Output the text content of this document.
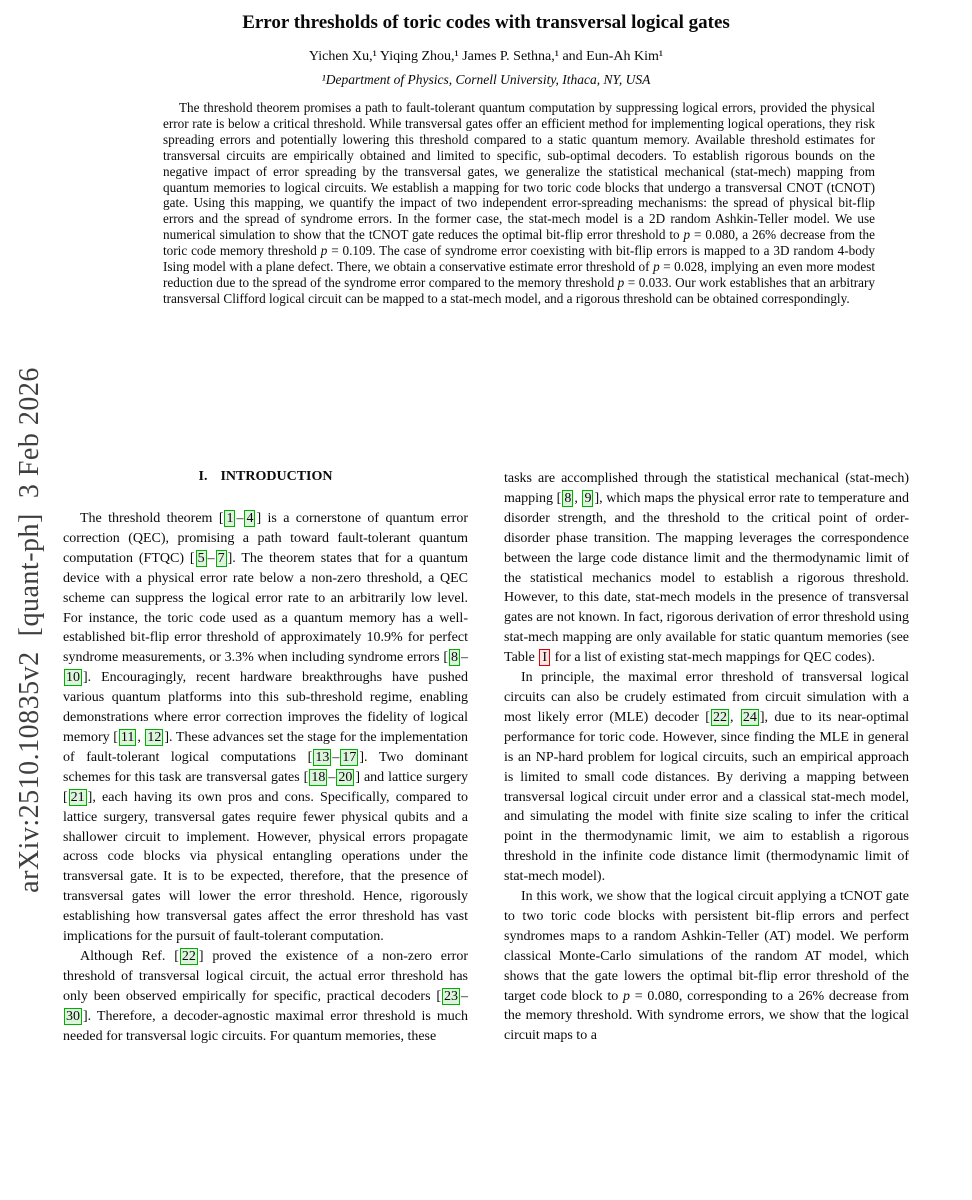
arXiv:2510.10835v2  [quant-ph]  3 Feb 2026
Error thresholds of toric codes with transversal logical gates
Yichen Xu,¹ Yiqing Zhou,¹ James P. Sethna,¹ and Eun-Ah Kim¹
¹Department of Physics, Cornell University, Ithaca, NY, USA
The threshold theorem promises a path to fault-tolerant quantum computation by suppressing logical errors, provided the physical error rate is below a critical threshold. While transversal gates offer an efficient method for implementing logical operations, they risk spreading errors and potentially lowering this threshold compared to a static quantum memory. Available threshold estimates for transversal circuits are empirically obtained and limited to specific, sub-optimal decoders. To establish rigorous bounds on the negative impact of error spreading by the transversal gates, we generalize the statistical mechanical (stat-mech) mapping from quantum memories to logical circuits. We establish a mapping for two toric code blocks that undergo a transversal CNOT (tCNOT) gate. Using this mapping, we quantify the impact of two independent error-spreading mechanisms: the spread of physical bit-flip errors and the spread of syndrome errors. In the former case, the stat-mech model is a 2D random Ashkin-Teller model. We use numerical simulation to show that the tCNOT gate reduces the optimal bit-flip error threshold to p = 0.080, a 26% decrease from the toric code memory threshold p = 0.109. The case of syndrome error coexisting with bit-flip errors is mapped to a 3D random 4-body Ising model with a plane defect. There, we obtain a conservative estimate error threshold of p = 0.028, implying an even more modest reduction due to the spread of the syndrome error compared to the memory threshold p = 0.033. Our work establishes that an arbitrary transversal Clifford logical circuit can be mapped to a stat-mech model, and a rigorous threshold can be obtained correspondingly.
I. INTRODUCTION

The threshold theorem [ 1 – 4 ] is a cornerstone of quantum error correction (QEC), promising a path toward fault-tolerant quantum computation (FTQC) [ 5 – 7 ]. The theorem states that for a quantum device with a physical error rate below a non-zero threshold, a QEC scheme can suppress the logical error rate to an arbitrarily low level. For instance, the toric code used as a quantum memory has a well-established bit-flip error threshold of approximately 10.9% for perfect syndrome measurements, or 3.3% when including syndrome errors [ 8 –10 ]. Encouragingly, recent hardware breakthroughs have pushed various quantum platforms into this sub-threshold regime, enabling demonstrations where error correction improves the fidelity of logical memory [ 11 , 12 ]. These advances set the stage for the implementation of fault-tolerant logical computations [ 13 – 17 ]. Two dominant schemes for this task are transversal gates [ 18 – 20 ] and lattice surgery [ 21 ], each having its own pros and cons. Specifically, compared to lattice surgery, transversal gates require fewer physical qubits and a shallower circuit to implement. However, physical errors propagate across code blocks via physical entangling operations under the transversal gate. It is to be expected, therefore, that the presence of transversal gates will lower the error threshold. Hence, rigorously establishing how transversal gates affect the error threshold has vast implications for the pursuit of fault-tolerant computation.

Although Ref. [ 22 ] proved the existence of a non-zero error threshold of transversal logical circuit, the actual error threshold has only been observed empirically for specific, practical decoders [ 23 –30 ]. Therefore, a decoder-agnostic maximal error threshold is much needed for transversal logic circuits. For quantum memories, these

tasks are accomplished through the statistical mechanical (stat-mech) mapping [ 8 , 9 ], which maps the physical error rate to temperature and disorder strength, and the threshold to the critical point of order-disorder phase transition. The mapping leverages the correspondence between the large code distance limit and the thermodynamic limit of the statistical mechanics model to establish a rigorous threshold. However, to this date, stat-mech models in the presence of transversal gates are not known. In fact, rigorous derivation of error threshold using stat-mech mapping are only available for static quantum memories (see Table I for a list of existing stat-mech mappings for QEC codes).

In principle, the maximal error threshold of transversal logical circuits can also be crudely estimated from circuit simulation with a most likely error (MLE) decoder [ 22 , 24 ], due to its near-optimal performance for toric code. However, since finding the MLE in general is an NP-hard problem for logical circuits, such an empirical approach is limited to small code distances. By deriving a mapping between transversal logical circuit under error and a classical stat-mech model, and simulating the model with finite size scaling to infer the critical point in the thermodynamic limit, we aim to establish a rigorous threshold in the infinite code distance limit (thermodynamic limit of stat-mech model).

In this work, we show that the logical circuit applying a tCNOT gate to two toric code blocks with persistent bit-flip errors and perfect syndromes maps to a random Ashkin-Teller (AT) model. We perform classical Monte-Carlo simulations of the random AT model, which shows that the gate lowers the optimal bit-flip error threshold of the target code block to p = 0.080, corresponding to a 26% decrease from the memory threshold. With syndrome errors, we show that the logical circuit maps to a
